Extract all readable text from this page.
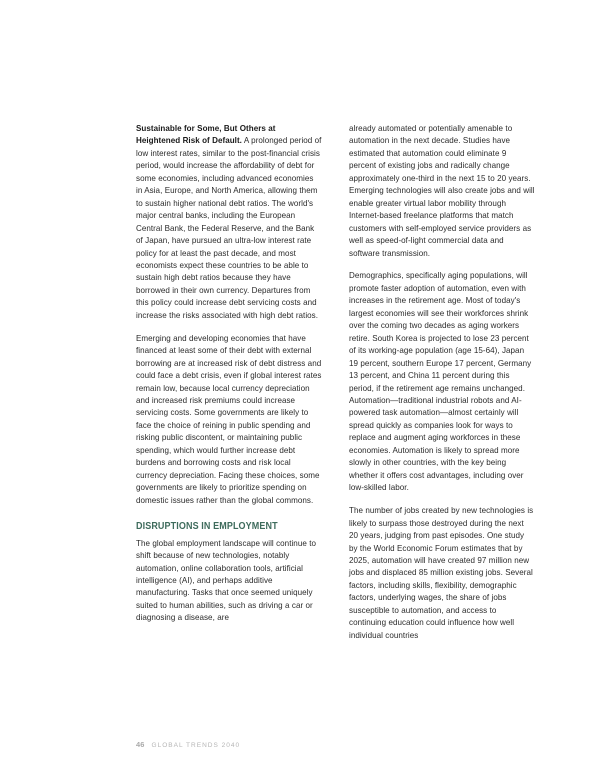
Sustainable for Some, But Others at Heightened Risk of Default. A prolonged period of low interest rates, similar to the post-financial crisis period, would increase the affordability of debt for some economies, including advanced economies in Asia, Europe, and North America, allowing them to sustain higher national debt ratios. The world's major central banks, including the European Central Bank, the Federal Reserve, and the Bank of Japan, have pursued an ultra-low interest rate policy for at least the past decade, and most economists expect these countries to be able to sustain high debt ratios because they have borrowed in their own currency. Departures from this policy could increase debt servicing costs and increase the risks associated with high debt ratios.

Emerging and developing economies that have financed at least some of their debt with external borrowing are at increased risk of debt distress and could face a debt crisis, even if global interest rates remain low, because local currency depreciation and increased risk premiums could increase servicing costs. Some governments are likely to face the choice of reining in public spending and risking public discontent, or maintaining public spending, which would further increase debt burdens and borrowing costs and risk local currency depreciation. Facing these choices, some governments are likely to prioritize spending on domestic issues rather than the global commons.

DISRUPTIONS IN EMPLOYMENT

The global employment landscape will continue to shift because of new technologies, notably automation, online collaboration tools, artificial intelligence (AI), and perhaps additive manufacturing. Tasks that once seemed uniquely suited to human abilities, such as driving a car or diagnosing a disease, are

already automated or potentially amenable to automation in the next decade. Studies have estimated that automation could eliminate 9 percent of existing jobs and radically change approximately one-third in the next 15 to 20 years. Emerging technologies will also create jobs and will enable greater virtual labor mobility through Internet-based freelance platforms that match customers with self-employed service providers as well as speed-of-light commercial data and software transmission.

Demographics, specifically aging populations, will promote faster adoption of automation, even with increases in the retirement age. Most of today's largest economies will see their workforces shrink over the coming two decades as aging workers retire. South Korea is projected to lose 23 percent of its working-age population (age 15-64), Japan 19 percent, southern Europe 17 percent, Germany 13 percent, and China 11 percent during this period, if the retirement age remains unchanged. Automation—traditional industrial robots and AI-powered task automation—almost certainly will spread quickly as companies look for ways to replace and augment aging workforces in these economies. Automation is likely to spread more slowly in other countries, with the key being whether it offers cost advantages, including over low-skilled labor.

The number of jobs created by new technologies is likely to surpass those destroyed during the next 20 years, judging from past episodes. One study by the World Economic Forum estimates that by 2025, automation will have created 97 million new jobs and displaced 85 million existing jobs. Several factors, including skills, flexibility, demographic factors, underlying wages, the share of jobs susceptible to automation, and access to continuing education could influence how well individual countries

46 GLOBAL TRENDS 2040
